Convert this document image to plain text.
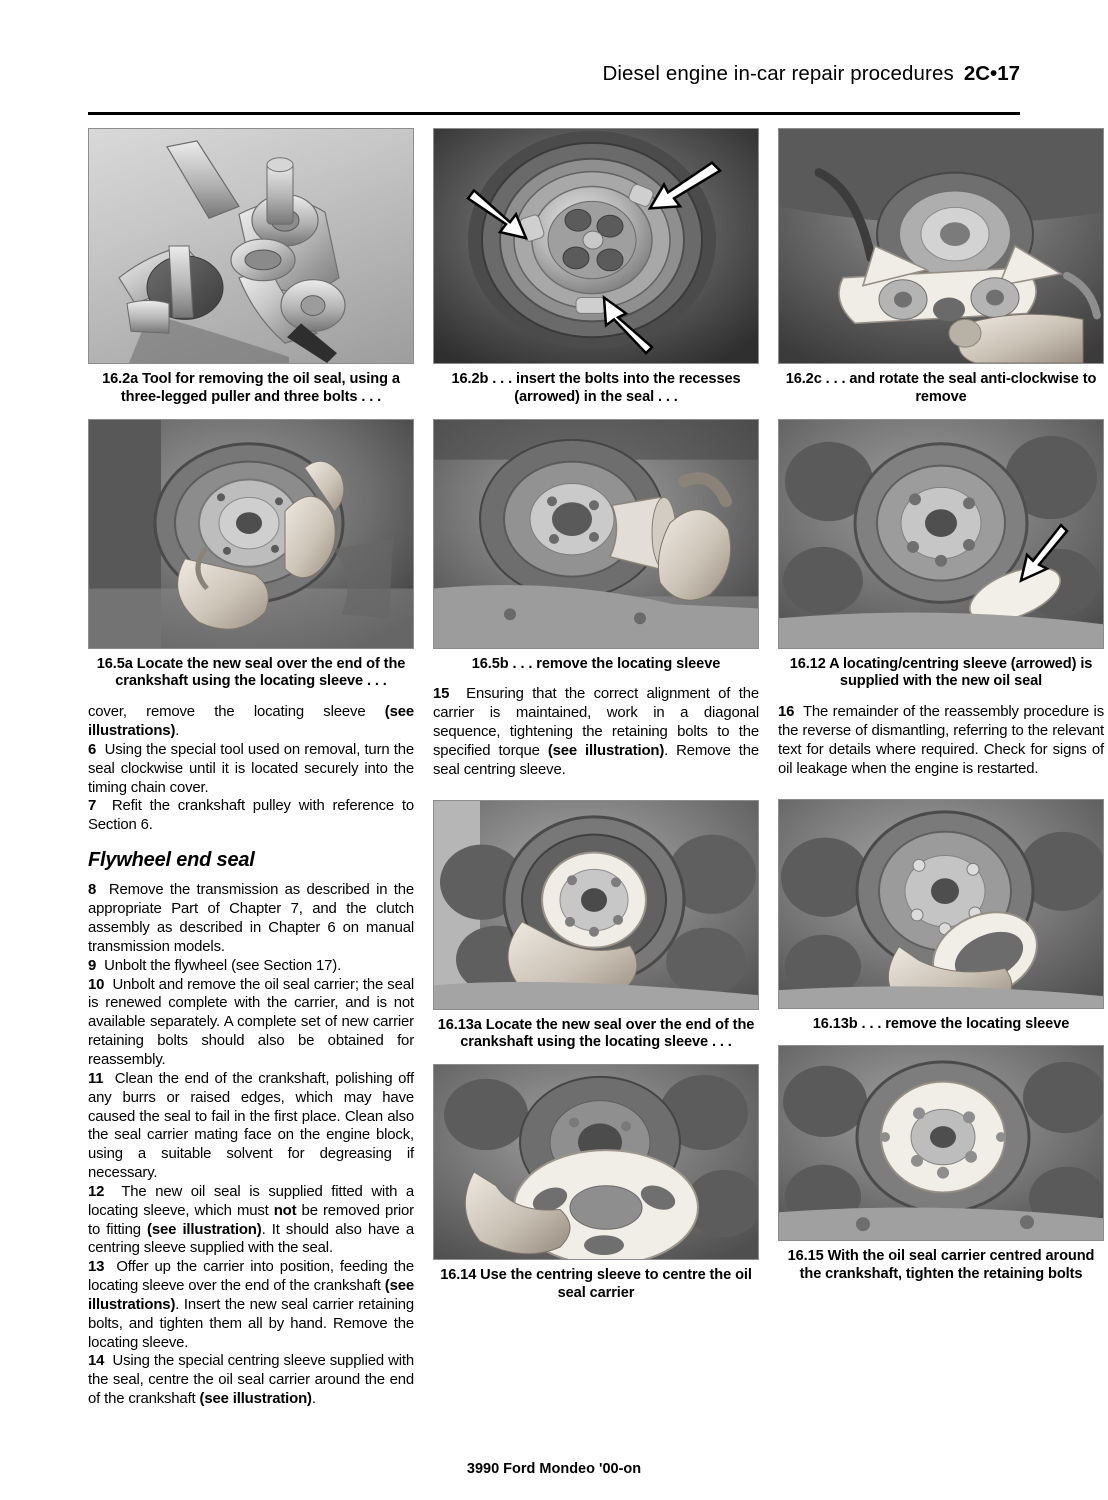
Diesel engine in-car repair procedures 2C•17
16.2a Tool for removing the oil seal, using a three-legged puller and three bolts . . .
16.5a Locate the new seal over the end of the crankshaft using the locating sleeve . . .

cover, remove the locating sleeve (see illustrations).

6  Using the special tool used on removal, turn the seal clockwise until it is located securely into the timing chain cover.

7  Refit the crankshaft pulley with reference to Section 6.

Flywheel end seal

8  Remove the transmission as described in the appropriate Part of Chapter 7, and the clutch assembly as described in Chapter 6 on manual transmission models.

9  Unbolt the flywheel (see Section 17).

10  Unbolt and remove the oil seal carrier; the seal is renewed complete with the carrier, and is not available separately. A complete set of new carrier retaining bolts should also be obtained for reassembly.

11  Clean the end of the crankshaft, polishing off any burrs or raised edges, which may have caused the seal to fail in the first place. Clean also the seal carrier mating face on the engine block, using a suitable solvent for degreasing if necessary.

12  The new oil seal is supplied fitted with a locating sleeve, which must not be removed prior to fitting (see illustration). It should also have a centring sleeve supplied with the seal.

13  Offer up the carrier into position, feeding the locating sleeve over the end of the crankshaft (see illustrations). Insert the new seal carrier retaining bolts, and tighten them all by hand. Remove the locating sleeve.

14  Using the special centring sleeve supplied with the seal, centre the oil seal carrier around the end of the crankshaft (see illustration).

16.2b . . . insert the bolts into the recesses (arrowed) in the seal . . .
16.5b . . . remove the locating sleeve

15  Ensuring that the correct alignment of the carrier is maintained, work in a diagonal sequence, tightening the retaining bolts to the specified torque (see illustration). Remove the seal centring sleeve.

16.13a Locate the new seal over the end of the crankshaft using the locating sleeve . . .
16.14 Use the centring sleeve to centre the oil seal carrier
16.2c . . . and rotate the seal anti-clockwise to remove
16.12 A locating/centring sleeve (arrowed) is supplied with the new oil seal

16  The remainder of the reassembly procedure is the reverse of dismantling, referring to the relevant text for details where required. Check for signs of oil leakage when the engine is restarted.

16.13b . . . remove the locating sleeve
16.15 With the oil seal carrier centred around the crankshaft, tighten the retaining bolts
3990 Ford Mondeo '00-on
